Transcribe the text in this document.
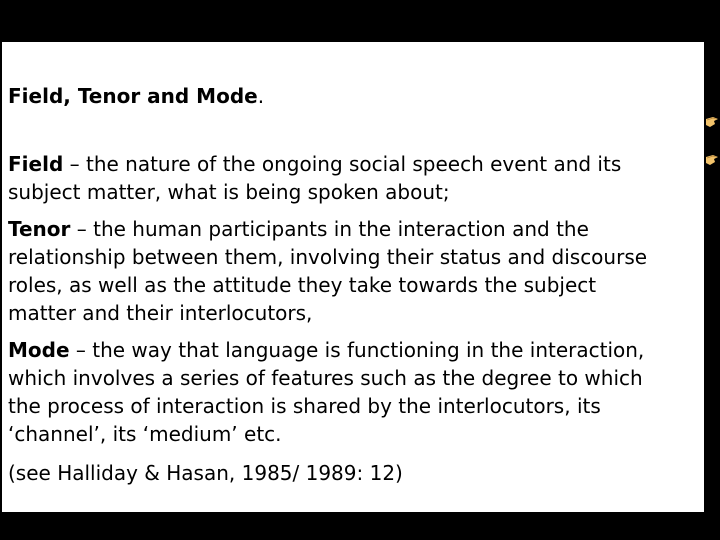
Field, Tenor and Mode.
Field – the nature of the ongoing social speech event and its
subject matter, what is being spoken about;
Tenor – the human participants in the interaction and the
relationship between them, involving their status and discourse
roles, as well as the attitude they take towards the subject
matter and their interlocutors,
Mode – the way that language is functioning in the interaction,
which involves a series of features such as the degree to which
the process of interaction is shared by the interlocutors, its
‘channel’, its ‘medium’ etc.
(see Halliday & Hasan, 1985/ 1989: 12)
